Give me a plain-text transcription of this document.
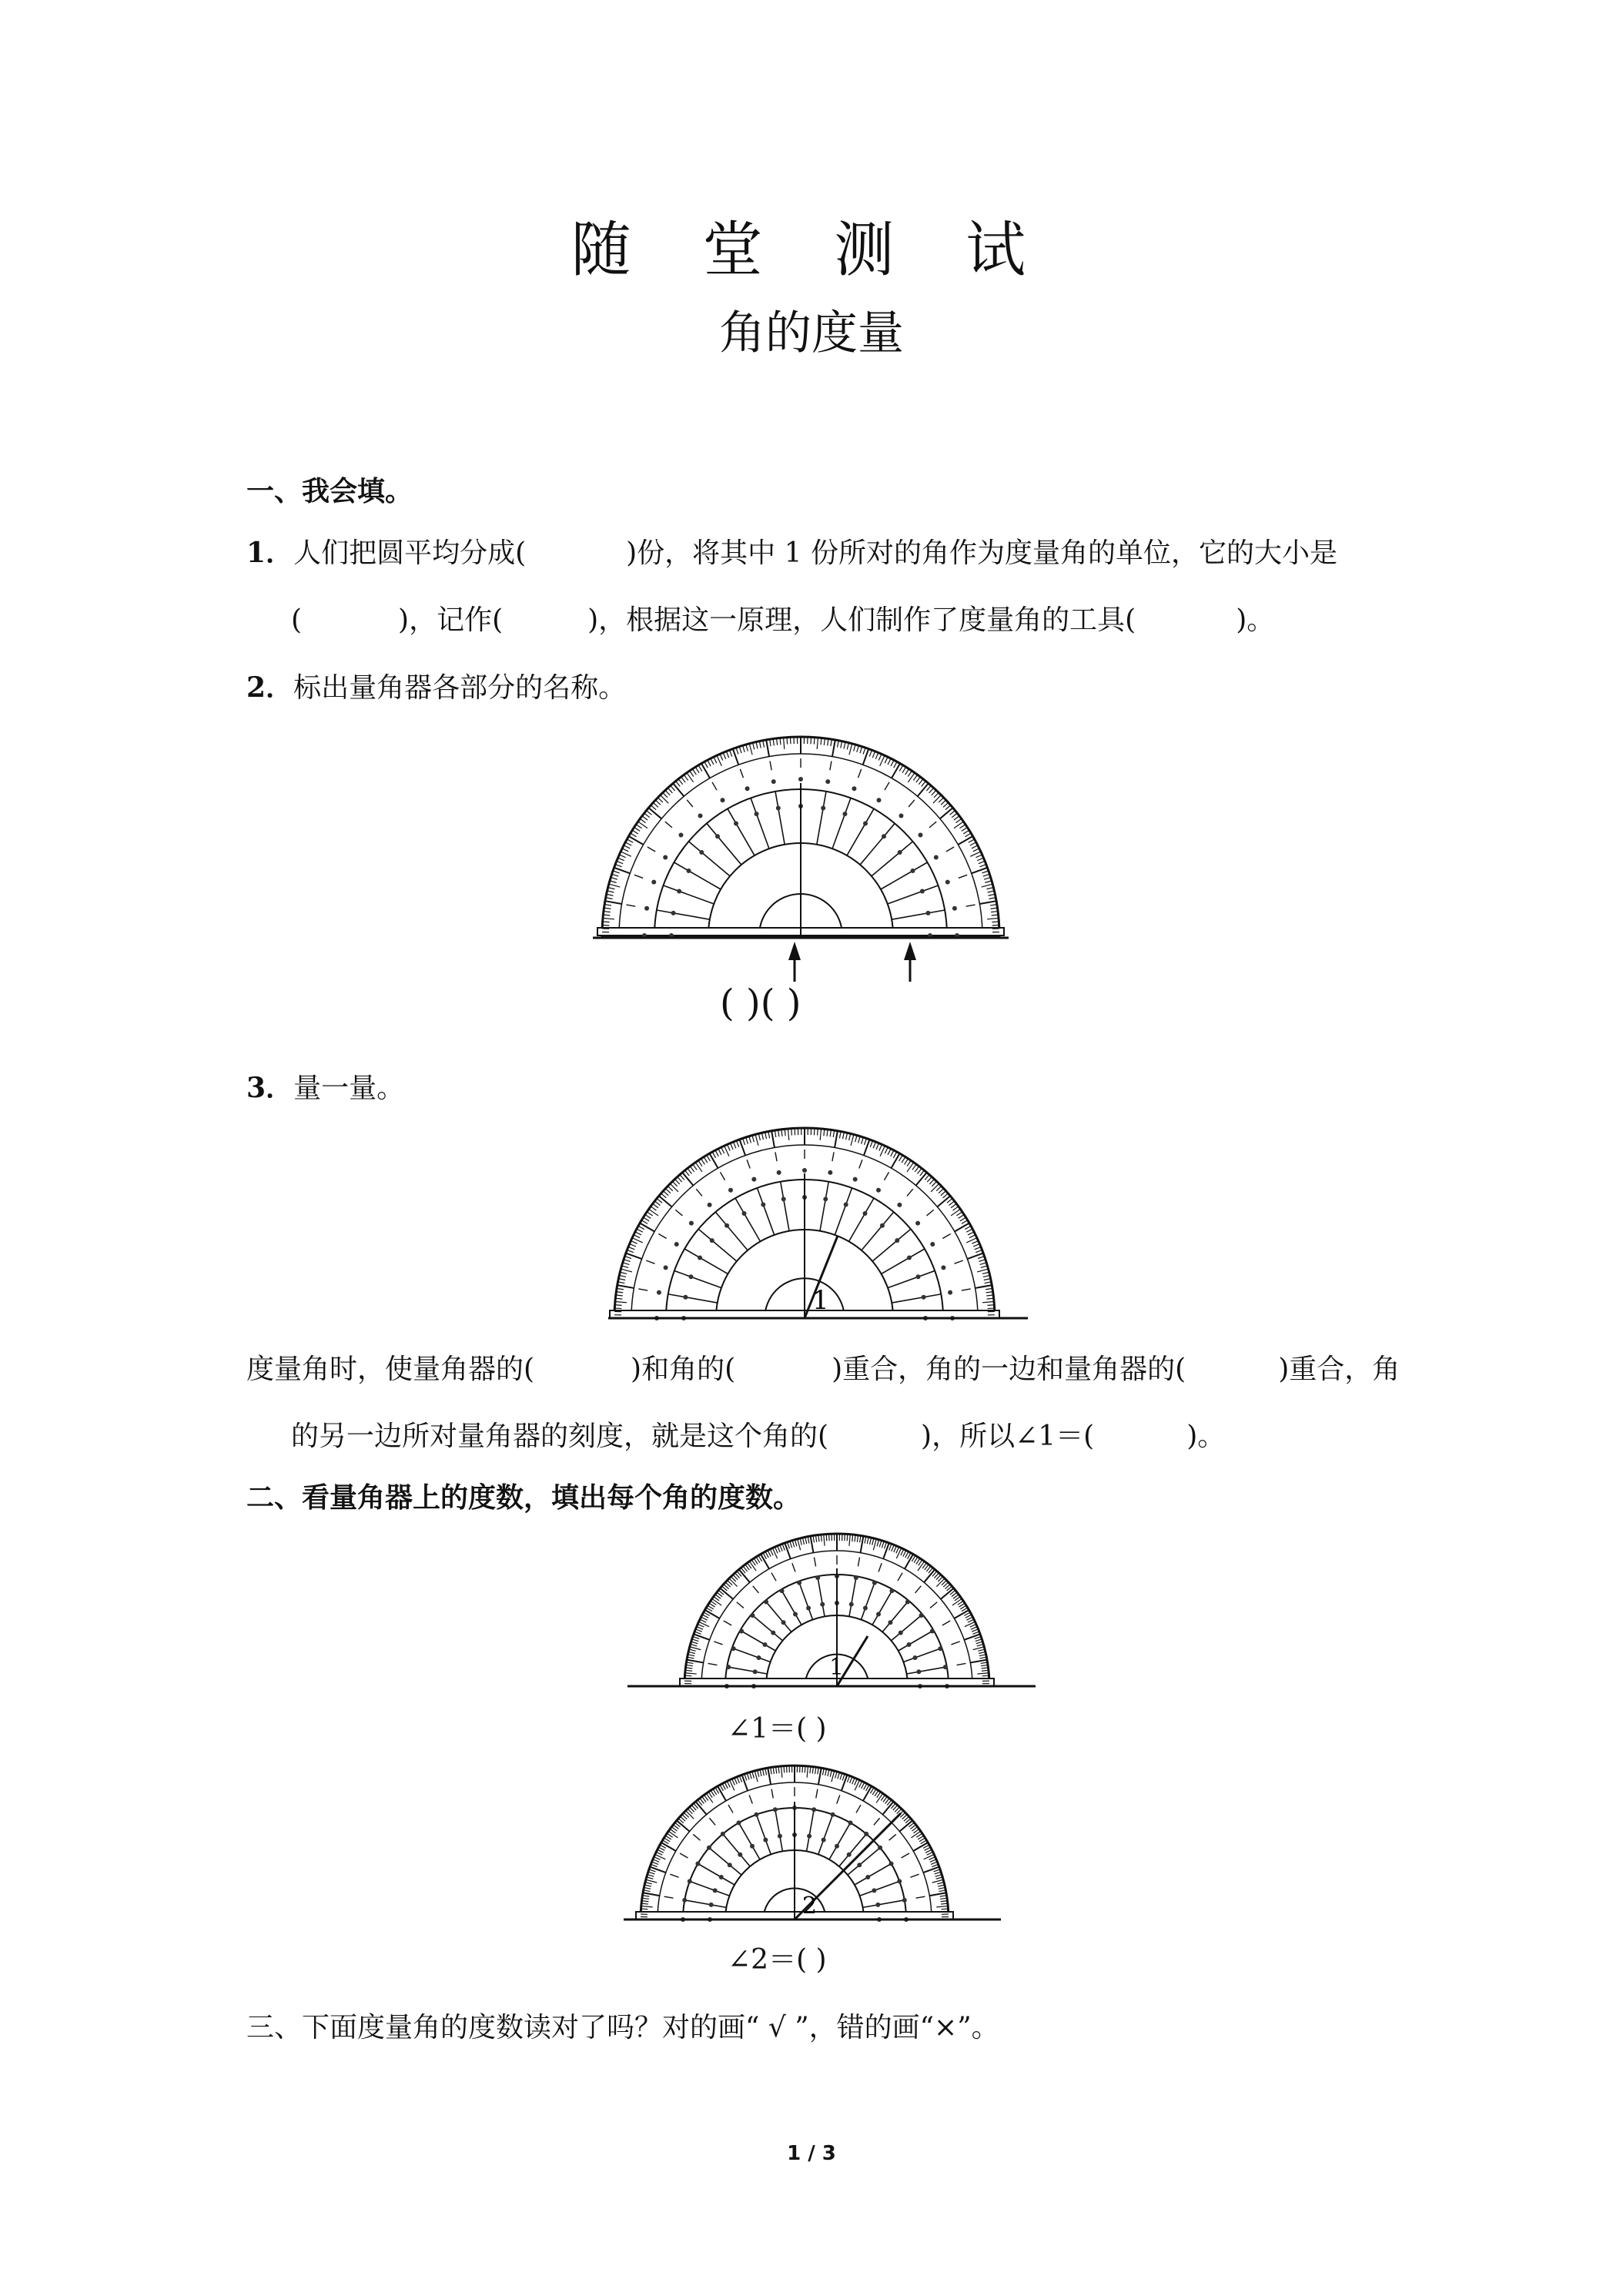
随 堂 测 试
角的度量
一、我会填。
1．人们把圆平均分成(	)份，将其中 1 份所对的角作为度量角的单位，它的大小是
(	)，记作(	)，根据这一原理，人们制作了度量角的工具(	)。
2．标出量角器各部分的名称。
( )( )
3．量一量。
1
度量角时，使量角器的(	)和角的(	)重合，角的一边和量角器的(	)重合，角
的另一边所对量角器的刻度，就是这个角的(	)，所以∠1＝(	)。
二、看量角器上的度数，填出每个角的度数。
1
∠1＝( )
2
∠2＝( )
三、下面度量角的度数读对了吗？对的画“ √ ”，错的画“×”。
1 / 3
